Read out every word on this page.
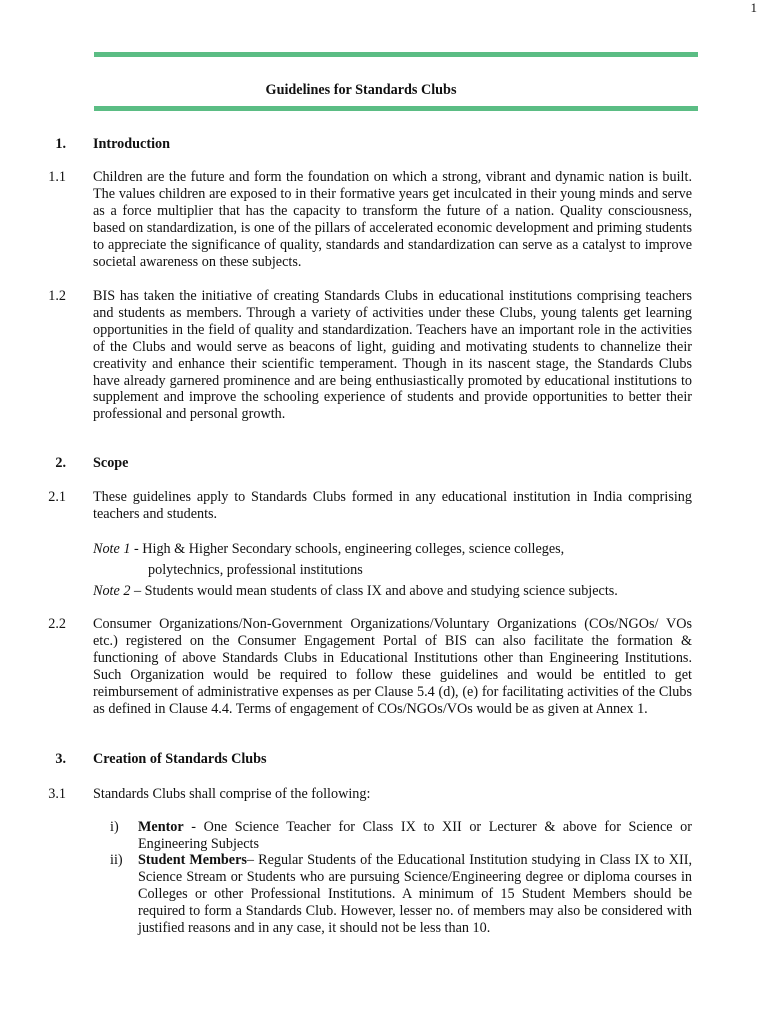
1
Guidelines for Standards Clubs
1. Introduction
1.1 Children are the future and form the foundation on which a strong, vibrant and dynamic nation is built. The values children are exposed to in their formative years get inculcated in their young minds and serve as a force multiplier that has the capacity to transform the future of a nation. Quality consciousness, based on standardization, is one of the pillars of accelerated economic development and priming students to appreciate the significance of quality, standards and standardization can serve as a catalyst to improve societal awareness on these subjects.
1.2 BIS has taken the initiative of creating Standards Clubs in educational institutions comprising teachers and students as members. Through a variety of activities under these Clubs, young talents get learning opportunities in the field of quality and standardization. Teachers have an important role in the activities of the Clubs and would serve as beacons of light, guiding and motivating students to channelize their creativity and enhance their scientific temperament. Though in its nascent stage, the Standards Clubs have already garnered prominence and are being enthusiastically promoted by educational institutions to supplement and improve the schooling experience of students and provide opportunities to better their professional and personal growth.
2. Scope
2.1 These guidelines apply to Standards Clubs formed in any educational institution in India comprising teachers and students.
Note 1 - High & Higher Secondary schools, engineering colleges, science colleges,
polytechnics, professional institutions
Note 2 – Students would mean students of class IX and above and studying science subjects.
2.2 Consumer Organizations/Non-Government Organizations/Voluntary Organizations (COs/NGOs/ VOs etc.) registered on the Consumer Engagement Portal of BIS can also facilitate the formation & functioning of above Standards Clubs in Educational Institutions other than Engineering Institutions. Such Organization would be required to follow these guidelines and would be entitled to get reimbursement of administrative expenses as per Clause 5.4 (d), (e) for facilitating activities of the Clubs as defined in Clause 4.4. Terms of engagement of COs/NGOs/VOs would be as given at Annex 1.
3. Creation of Standards Clubs
3.1 Standards Clubs shall comprise of the following:
i)	Mentor - One Science Teacher for Class IX to XII or Lecturer & above for Science or Engineering Subjects
ii)	Student Members– Regular Students of the Educational Institution studying in Class IX to XII, Science Stream or Students who are pursuing Science/Engineering degree or diploma courses in Colleges or other Professional Institutions. A minimum of 15 Student Members should be required to form a Standards Club. However, lesser no. of members may also be considered with justified reasons and in any case, it should not be less than 10.
